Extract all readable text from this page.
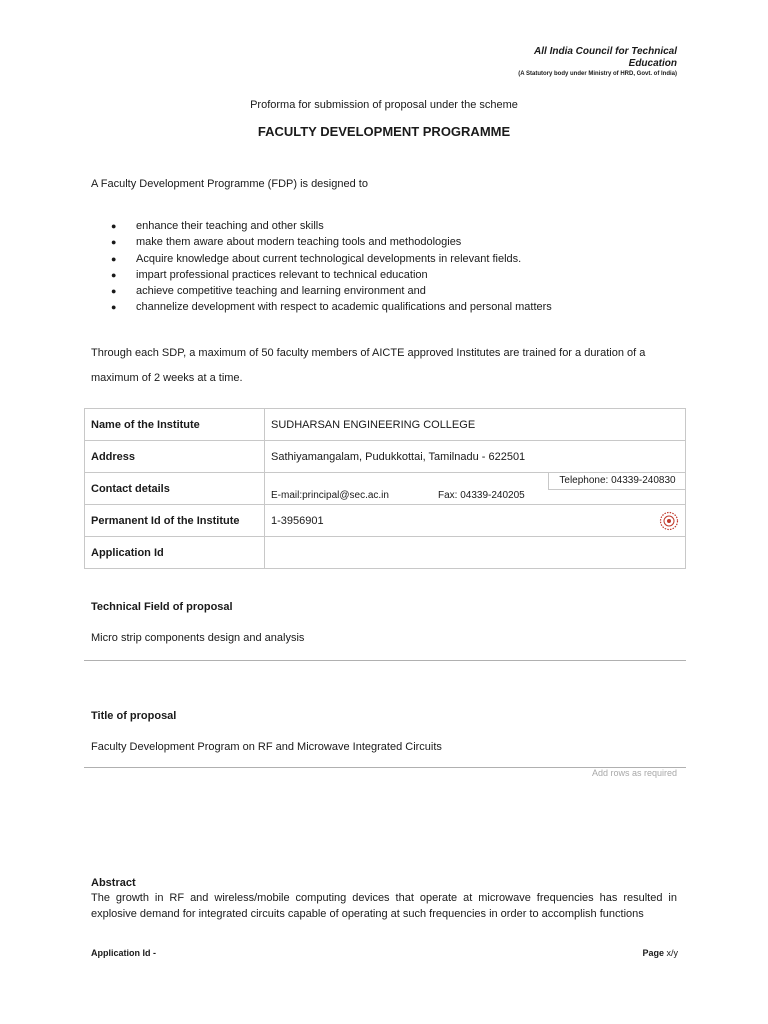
All India Council for Technical
Education
(A Statutory body under Ministry of HRD, Govt. of India)
Proforma for submission of proposal under the scheme
FACULTY DEVELOPMENT PROGRAMME
A Faculty Development Programme (FDP) is designed to
● enhance their teaching and other skills
● make them aware about modern teaching tools and methodologies
● Acquire knowledge about current technological developments in relevant fields.
● impart professional practices relevant to technical education
● achieve competitive teaching and learning environment and
● channelize development with respect to academic qualifications and personal matters
Through each SDP, a maximum of 50 faculty members of AICTE approved Institutes are trained for a duration of a maximum of 2 weeks at a time.
Name of the Institute	SUDHARSAN ENGINEERING COLLEGE
Address	Sathiyamangalam, Pudukkottai, Tamilnadu - 622501
Contact details	Telephone: 04339-240830
E-mail:principal@sec.ac.in Fax: 04339-240205

Permanent Id of the Institute	1-3956901

Application Id	
Technical Field of proposal
Micro strip components design and analysis
Title of proposal
Faculty Development Program on RF and Microwave Integrated Circuits
Add rows as required
Abstract
The growth in RF and wireless/mobile computing devices that operate at microwave frequencies has resulted in explosive demand for integrated circuits capable of operating at such frequencies in order to accomplish functions
Application Id -	Page x/y
